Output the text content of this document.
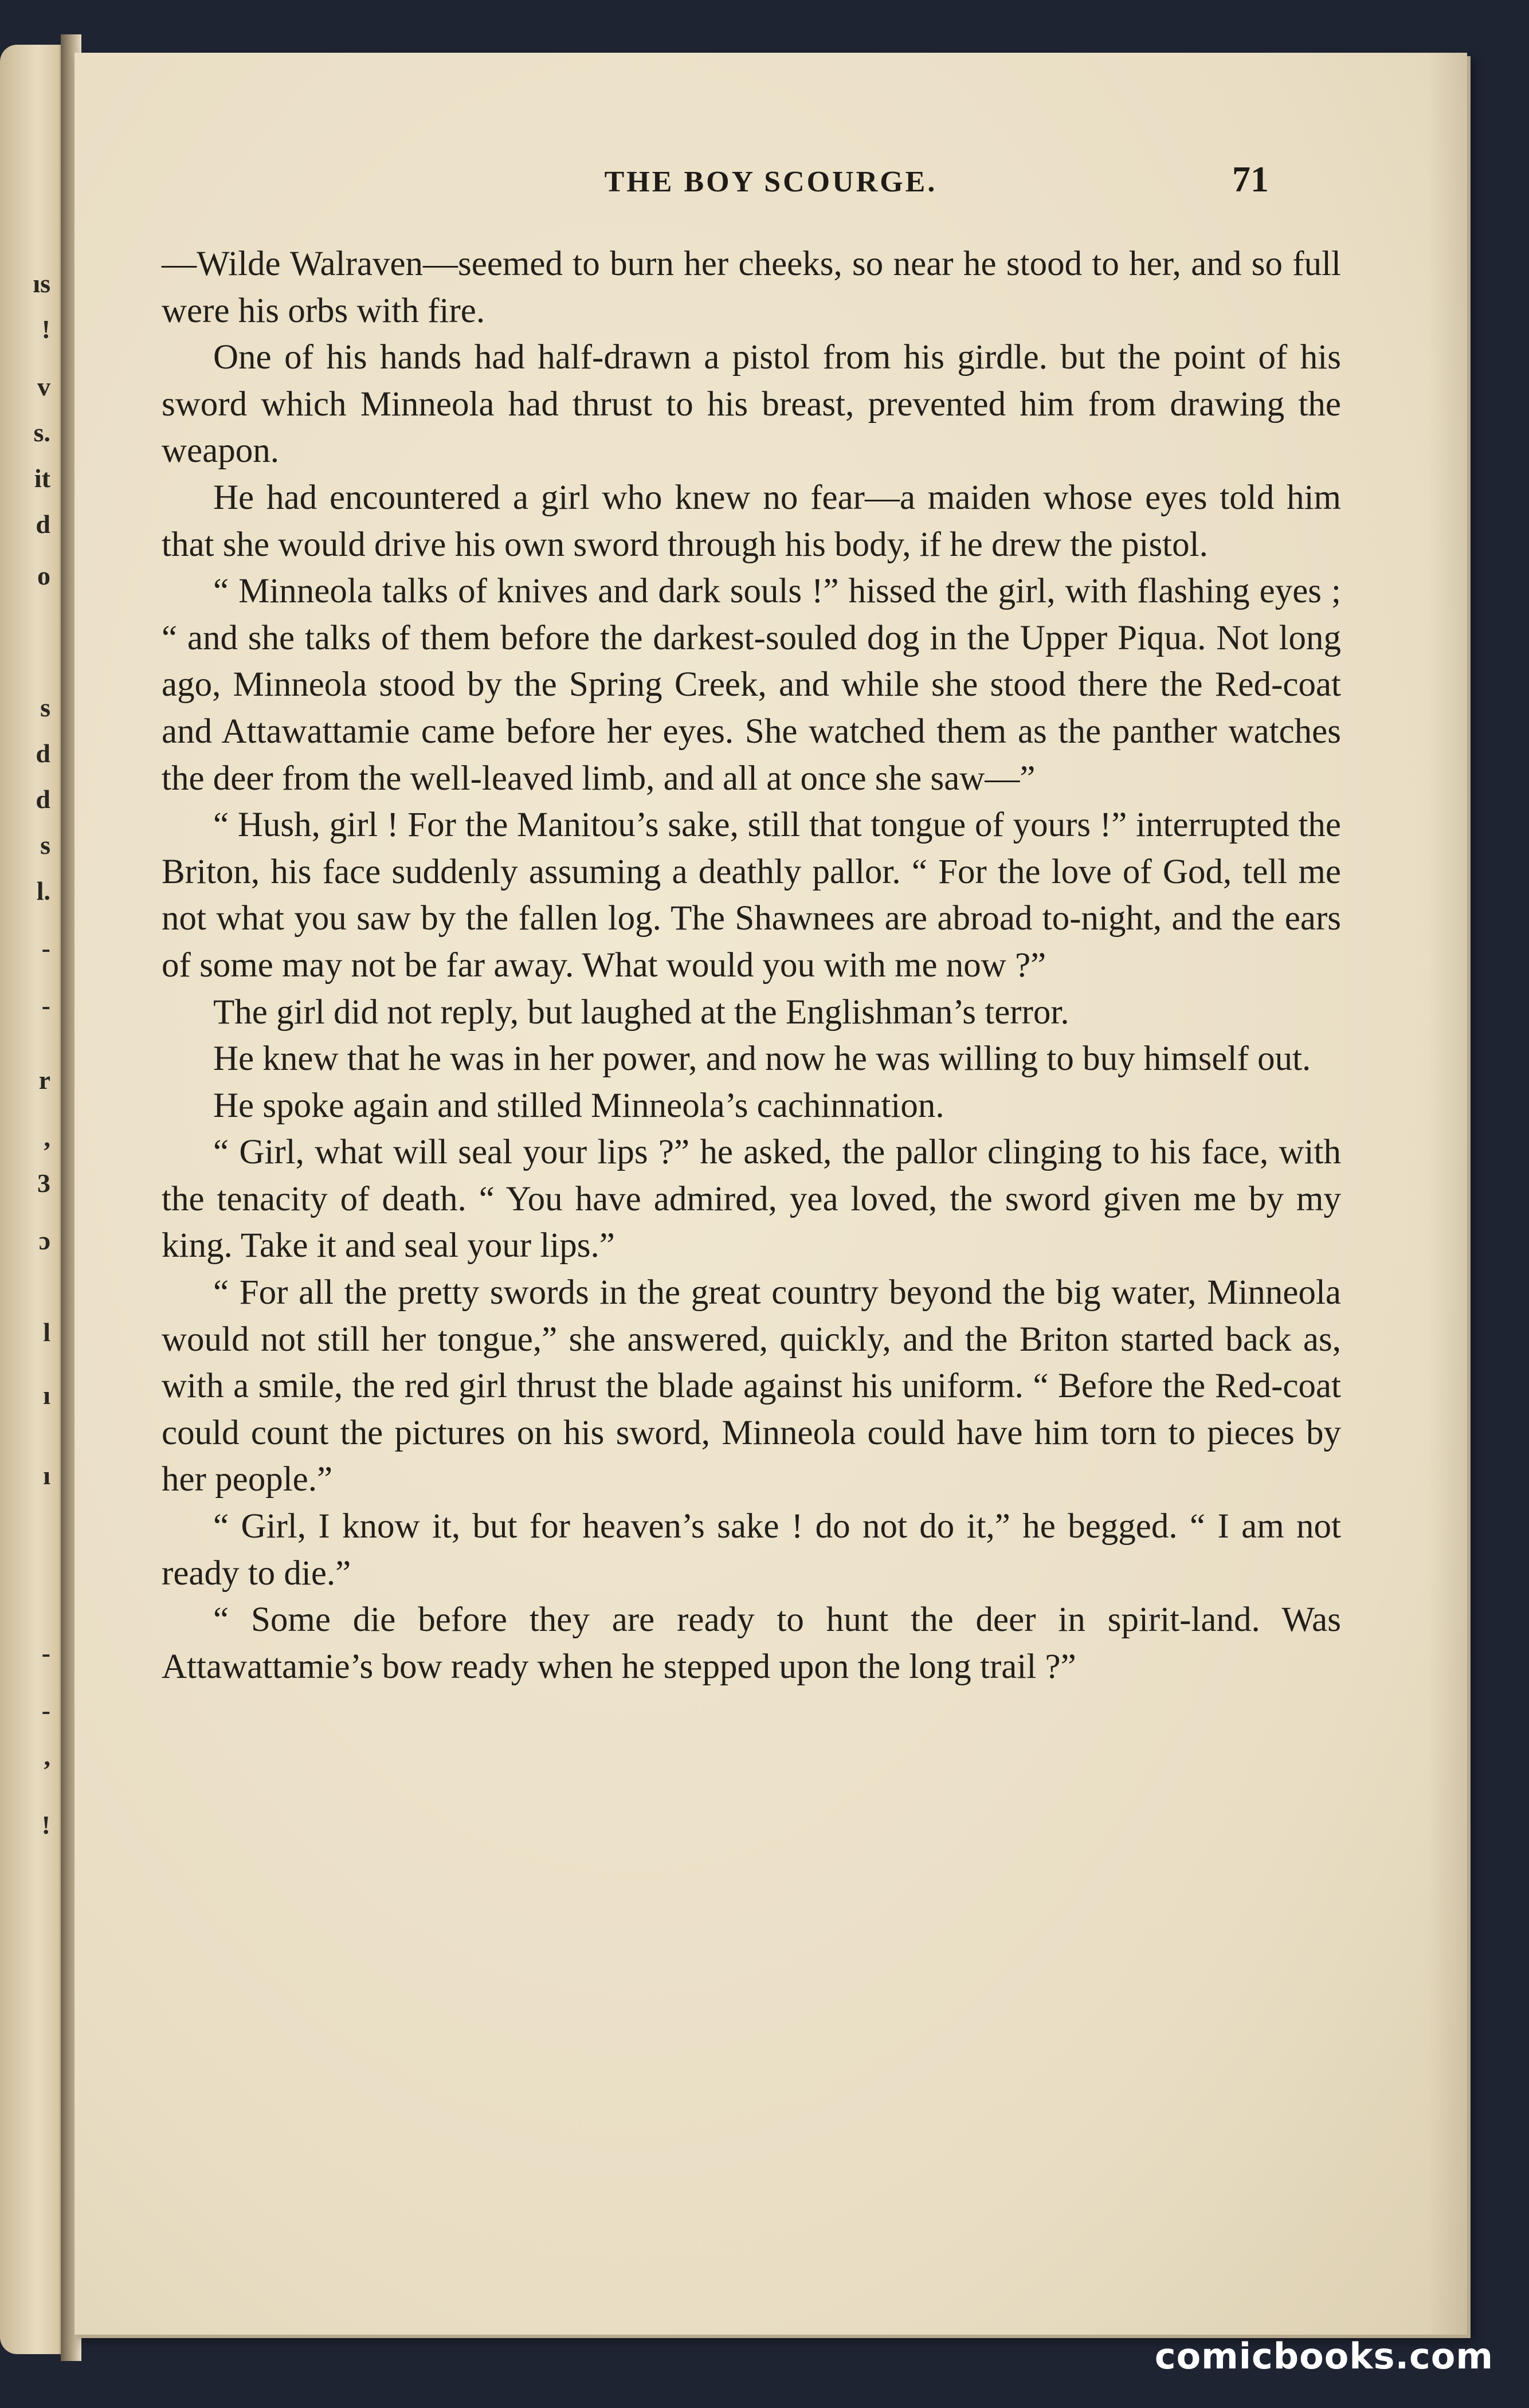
ıs
!
v
s.
it
d
o
s
d
d
s
l.
-
-
r
,
3
ɔ
l
ı
ı
-
-
,
!
THE BOY SCOURGE.	71

—Wilde Walraven—seemed to burn her cheeks, so near he stood to her, and so full were his orbs with fire.

One of his hands had half-drawn a pistol from his girdle. but the point of his sword which Minneola had thrust to his breast, prevented him from drawing the weapon.

He had encountered a girl who knew no fear—a maiden whose eyes told him that she would drive his own sword through his body, if he drew the pistol.

“ Minneola talks of knives and dark souls !” hissed the girl, with flashing eyes ; “ and she talks of them before the darkest-souled dog in the Upper Piqua. Not long ago, Minneola stood by the Spring Creek, and while she stood there the Red-coat and Attawattamie came before her eyes. She watched them as the panther watches the deer from the well-leaved limb, and all at once she saw—”

“ Hush, girl ! For the Manitou’s sake, still that tongue of yours !” interrupted the Briton, his face suddenly assuming a deathly pallor. “ For the love of God, tell me not what you saw by the fallen log. The Shawnees are abroad to-night, and the ears of some may not be far away. What would you with me now ?”

The girl did not reply, but laughed at the Englishman’s terror.

He knew that he was in her power, and now he was willing to buy himself out.

He spoke again and stilled Minneola’s cachinnation.

“ Girl, what will seal your lips ?” he asked, the pallor clinging to his face, with the tenacity of death. “ You have admired, yea loved, the sword given me by my king. Take it and seal your lips.”

“ For all the pretty swords in the great country beyond the big water, Minneola would not still her tongue,” she answered, quickly, and the Briton started back as, with a smile, the red girl thrust the blade against his uniform. “ Before the Red-coat could count the pictures on his sword, Minneola could have him torn to pieces by her people.”

“ Girl, I know it, but for heaven’s sake ! do not do it,” he begged. “ I am not ready to die.”

“ Some die before they are ready to hunt the deer in spirit-land. Was Attawattamie’s bow ready when he stepped upon the long trail ?”

comicbooks.com
